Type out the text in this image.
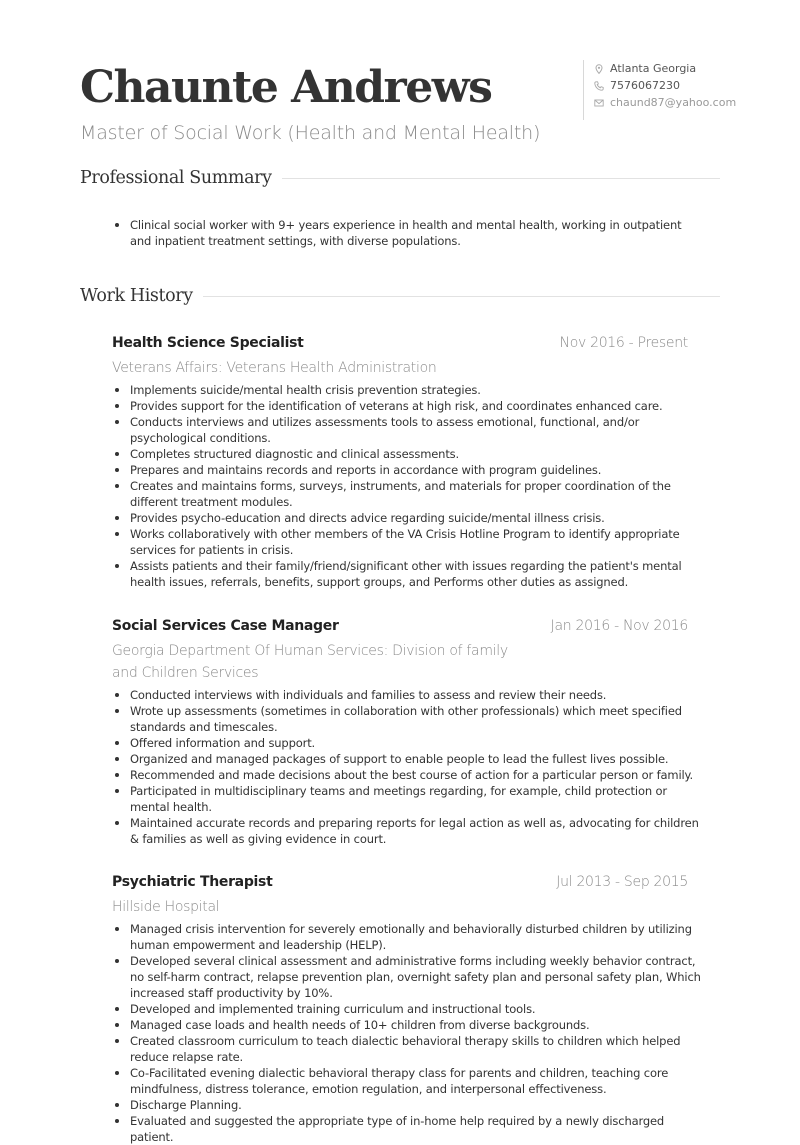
Chaunte Andrews
Master of Social Work (Health and Mental Health)
Atlanta Georgia
7576067230
chaund87@yahoo.com
Professional Summary
Clinical social worker with 9+ years experience in health and mental health, working in outpatient and inpatient treatment settings, with diverse populations.
Work History
Health Science Specialist	Nov 2016 - Present
Veterans Affairs: Veterans Health Administration
Implements suicide/mental health crisis prevention strategies.
Provides support for the identification of veterans at high risk, and coordinates enhanced care.
Conducts interviews and utilizes assessments tools to assess emotional, functional, and/or psychological conditions.
Completes structured diagnostic and clinical assessments.
Prepares and maintains records and reports in accordance with program guidelines.
Creates and maintains forms, surveys, instruments, and materials for proper coordination of the different treatment modules.
Provides psycho-education and directs advice regarding suicide/mental illness crisis.
Works collaboratively with other members of the VA Crisis Hotline Program to identify appropriate services for patients in crisis.
Assists patients and their family/friend/significant other with issues regarding the patient's mental health issues, referrals, benefits, support groups, and Performs other duties as assigned.
Social Services Case Manager	Jan 2016 - Nov 2016
Georgia Department Of Human Services: Division of family and Children Services
Conducted interviews with individuals and families to assess and review their needs.
Wrote up assessments (sometimes in collaboration with other professionals) which meet specified standards and timescales.
Offered information and support.
Organized and managed packages of support to enable people to lead the fullest lives possible.
Recommended and made decisions about the best course of action for a particular person or family.
Participated in multidisciplinary teams and meetings regarding, for example, child protection or mental health.
Maintained accurate records and preparing reports for legal action as well as, advocating for children & families as well as giving evidence in court.
Psychiatric Therapist	Jul 2013 - Sep 2015
Hillside Hospital
Managed crisis intervention for severely emotionally and behaviorally disturbed children by utilizing human empowerment and leadership (HELP).
Developed several clinical assessment and administrative forms including weekly behavior contract, no self-harm contract, relapse prevention plan, overnight safety plan and personal safety plan, Which increased staff productivity by 10%.
Developed and implemented training curriculum and instructional tools.
Managed case loads and health needs of 10+ children from diverse backgrounds.
Created classroom curriculum to teach dialectic behavioral therapy skills to children which helped reduce relapse rate.
Co-Facilitated evening dialectic behavioral therapy class for parents and children, teaching core mindfulness, distress tolerance, emotion regulation, and interpersonal effectiveness.
Discharge Planning.
Evaluated and suggested the appropriate type of in-home help required by a newly discharged patient.
